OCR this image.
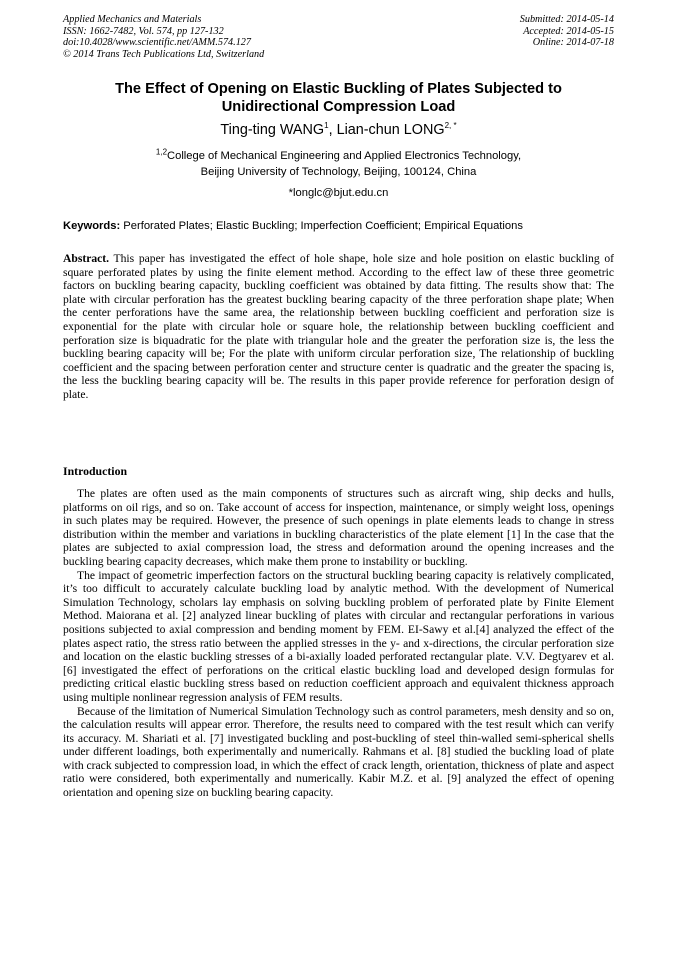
Applied Mechanics and Materials
ISSN: 1662-7482, Vol. 574, pp 127-132
doi:10.4028/www.scientific.net/AMM.574.127
© 2014 Trans Tech Publications Ltd, Switzerland
Submitted: 2014-05-14
Accepted: 2014-05-15
Online: 2014-07-18
The Effect of Opening on Elastic Buckling of Plates Subjected to
Unidirectional Compression Load
Ting-ting WANG$^1$, Lian-chun $LONG^{2, *}$
$^{1,2}$College of Mechanical Engineering and Applied Electronics Technology,
Beijing University of Technology, Beijing, 100124, China
*longlc@bjut.edu.cn
Keywords: Perforated Plates; Elastic Buckling; Imperfection Coefficient; Empirical Equations
Abstract. This paper has investigated the effect of hole shape, hole size and hole position on elastic buckling of square perforated plates by using the finite element method. According to the effect law of these three geometric factors on buckling bearing capacity, buckling coefficient was obtained by data fitting. The results show that: The plate with circular perforation has the greatest buckling bearing capacity of the three perforation shape plate; When the center perforations have the same area, the relationship between buckling coefficient and perforation size is exponential for the plate with circular hole or square hole, the relationship between buckling coefficient and perforation size is biquadratic for the plate with triangular hole and the greater the perforation size is, the less the buckling bearing capacity will be; For the plate with uniform circular perforation size, The relationship of buckling coefficient and the spacing between perforation center and structure center is quadratic and the greater the spacing is, the less the buckling bearing capacity will be. The results in this paper provide reference for perforation design of plate.
Introduction

The plates are often used as the main components of structures such as aircraft wing, ship decks and hulls, platforms on oil rigs, and so on. Take account of access for inspection, maintenance, or simply weight loss, openings in such plates may be required. However, the presence of such openings in plate elements leads to change in stress distribution within the member and variations in buckling characteristics of the plate element [1] In the case that the plates are subjected to axial compression load, the stress and deformation around the opening increases and the buckling bearing capacity decreases, which make them prone to instability or buckling.

The impact of geometric imperfection factors on the structural buckling bearing capacity is relatively complicated, it’s too difficult to accurately calculate buckling load by analytic method. With the development of Numerical Simulation Technology, scholars lay emphasis on solving buckling problem of perforated plate by Finite Element Method. Maiorana et al. [2] analyzed linear buckling of plates with circular and rectangular perforations in various positions subjected to axial compression and bending moment by FEM. EI-Sawy et al.[4] analyzed the effect of the plates aspect ratio, the stress ratio between the applied stresses in the y- and x-directions, the circular perforation size and location on the elastic buckling stresses of a bi-axially loaded perforated rectangular plate. V.V. Degtyarev et al. [6] investigated the effect of perforations on the critical elastic buckling load and developed design formulas for predicting critical elastic buckling stress based on reduction coefficient approach and equivalent thickness approach using multiple nonlinear regression analysis of FEM results.

Because of the limitation of Numerical Simulation Technology such as control parameters, mesh density and so on, the calculation results will appear error. Therefore, the results need to compared with the test result which can verify its accuracy. M. Shariati et al. [7] investigated buckling and post-buckling of steel thin-walled semi-spherical shells under different loadings, both experimentally and numerically. Rahmans et al. [8] studied the buckling load of plate with crack subjected to compression load, in which the effect of crack length, orientation, thickness of plate and aspect ratio were considered, both experimentally and numerically. Kabir M.Z. et al. [9] analyzed the effect of opening orientation and opening size on buckling bearing capacity.
